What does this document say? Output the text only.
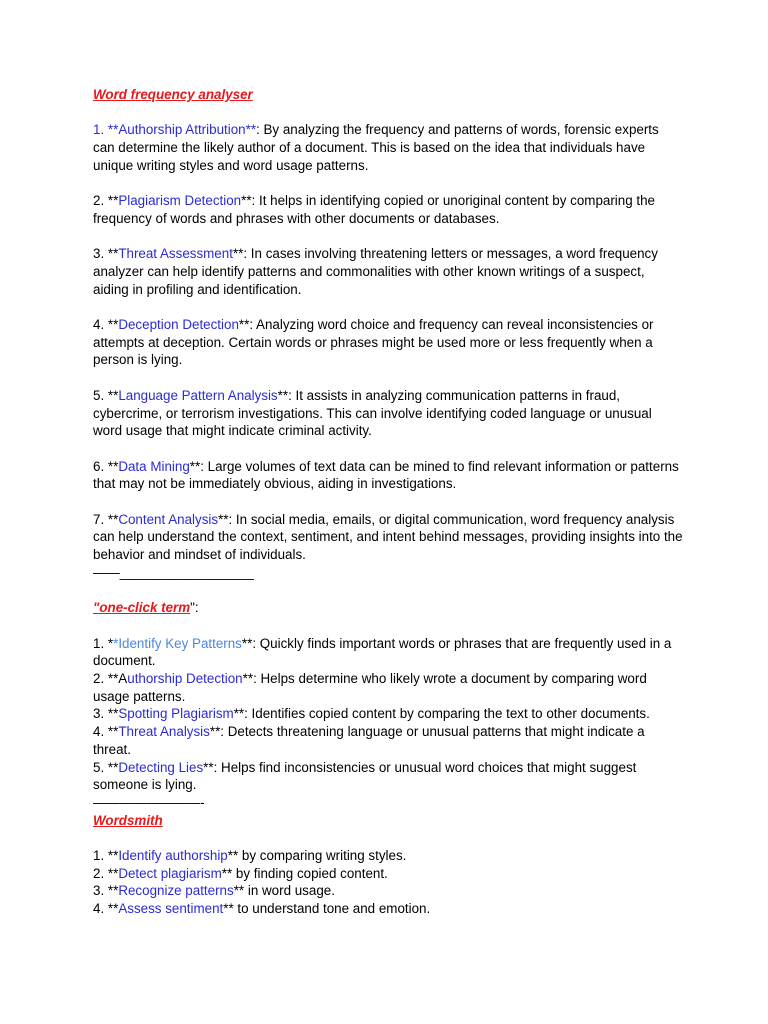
Word frequency analyser

1. **Authorship Attribution**: By analyzing the frequency and patterns of words, forensic experts can determine the likely author of a document. This is based on the idea that individuals have unique writing styles and word usage patterns.

2. **Plagiarism Detection**: It helps in identifying copied or unoriginal content by comparing the frequency of words and phrases with other documents or databases.

3. **Threat Assessment**: In cases involving threatening letters or messages, a word frequency analyzer can help identify patterns and commonalities with other known writings of a suspect, aiding in profiling and identification.

4. **Deception Detection**: Analyzing word choice and frequency can reveal inconsistencies or attempts at deception. Certain words or phrases might be used more or less frequently when a person is lying.

5. **Language Pattern Analysis**: It assists in analyzing communication patterns in fraud, cybercrime, or terrorism investigations. This can involve identifying coded language or unusual word usage that might indicate criminal activity.

6. **Data Mining**: Large volumes of text data can be mined to find relevant information or patterns that may not be immediately obvious, aiding in investigations.

7. **Content Analysis**: In social media, emails, or digital communication, word frequency analysis can help understand the context, sentiment, and intent behind messages, providing insights into the behavior and mindset of individuals.

——__________________

"one-click term":

1. **Identify Key Patterns**: Quickly finds important words or phrases that are frequently used in a document.

2. **Authorship Detection**: Helps determine who likely wrote a document by comparing word usage patterns.

3. **Spotting Plagiarism**: Identifies copied content by comparing the text to other documents.

4. **Threat Analysis**: Detects threatening language or unusual patterns that might indicate a threat.

5. **Detecting Lies**: Helps find inconsistencies or unusual word choices that might suggest someone is lying.

————————-

Wordsmith

1. **Identify authorship** by comparing writing styles.

2. **Detect plagiarism** by finding copied content.

3. **Recognize patterns** in word usage.

4. **Assess sentiment** to understand tone and emotion.
